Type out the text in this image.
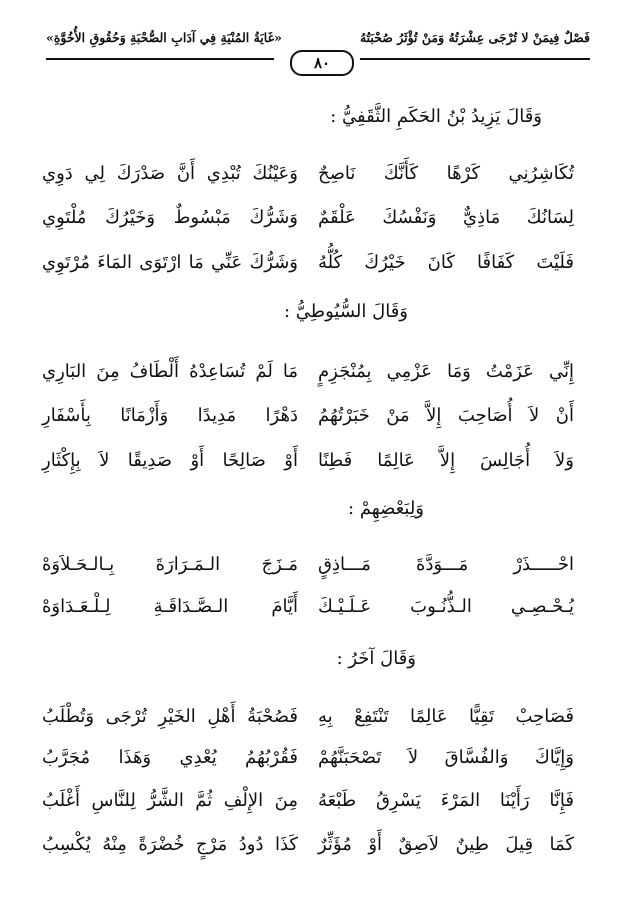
فَصْلٌ فِيمَنْ لا تُرْجَى عِشْرَتُهُ وَمَنْ تُؤْثَرُ صُحْبَتُهُ
«غَايَةُ المُنْيَةِ فِي آدَابِ الصُّحْبَةِ وَحُقُوقِ الأُخُوَّةِ»
٨٠
وَقَالَ يَزِيدُ بْنُ الحَكَمِ الثَّقَفِيُّ :
تُكَاشِرُنِي كَرْهًا كَأَنَّكَ نَاصِحٌ
وَعَيْنُكَ تُبْدِي أَنَّ صَدْرَكَ لِي دَوِي
لِسَانُكَ مَاذِيٌّ وَنَفْسُكَ عَلْقَمٌ
وَشَرُّكَ مَبْسُوطٌ وَخَيْرُكَ مُلْتَوِي
فَلَيْتَ كَفَافًا كَانَ خَيْرُكَ كُلُّهُ
وَشَرُّكَ عَنِّي مَا ارْتَوَى المَاءَ مُرْتَوِي
وَقَالَ السُّيُوطِيُّ :
إِنِّي عَزَمْتُ وَمَا عَزْمِي بِمُنْجَزِمٍ
مَا لَمْ تُسَاعِدْهُ أَلْطَافُ مِنَ البَارِي
أَنْ لاَ أُصَاحِبَ إِلاَّ مَنْ خَبَرْتُهُمُ
دَهْرًا مَدِيدًا وَأَزْمَانًا بِأَسْفَارِ
وَلاَ أُجَالِسَ إِلاَّ عَالِمًا فَطِنًا
أَوْ صَالِحًا أَوْ صَدِيقًا لاَ بِإِكْثَارِ
وَلِبَعْضِهِمْ :
احْـــــذَرْ مَـــوَدَّةَ مَـــاذِقٍ
مَـزَجَ الـمَـرَارَةَ بِـالـحَـلاَوَهْ
يُـحْـصِـي الـذُّنُـوبَ عَـلَـيْـكَ
أَيَّامَ الـصَّـدَاقَـةِ لِـلْـعَـدَاوَهْ
وَقَالَ آخَرُ :
فَصَاحِبْ تَقِيًّا عَالِمًا تَنْتَفِعْ بِهِ
فَصُحْبَةُ أَهْلِ الخَيْرِ تُرْجَى وَتُطْلَبُ
وَإِيَّاكَ وَالفُسَّاقَ لاَ تَصْحَبَنَّهُمْ
فَقُرْبُهُمُ يُعْدِي وَهَذَا مُجَرَّبُ
فَإِنَّا رَأَيْنَا المَرْءَ يَسْرِقُ طَبْعَهُ
مِنَ الإِلْفِ ثُمَّ الشَّرُّ لِلنَّاسِ أَغْلَبُ
كَمَا قِيلَ طِينٌ لاَصِقٌ أَوْ مُؤَثِّرٌ
كَذَا دُودُ مَرْجٍ خُضْرَةً مِنْهُ يُكْسِبُ
